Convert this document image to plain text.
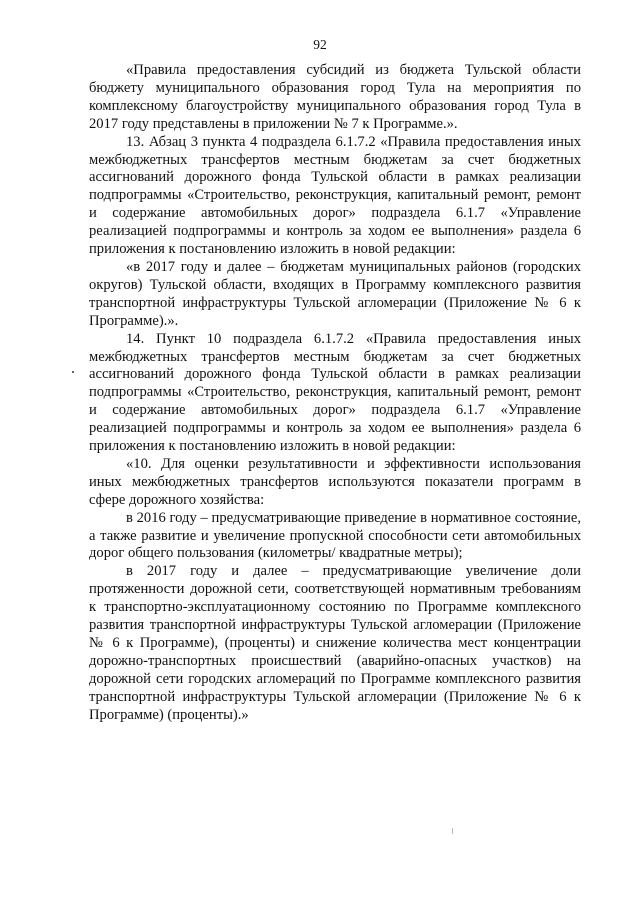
92

«Правила предоставления субсидий из бюджета Тульской области бюджету муниципального образования город Тула на мероприятия по комплексному благоустройству муниципального образования город Тула в 2017 году представлены в приложении № 7 к Программе.».

13. Абзац 3 пункта 4 подраздела 6.1.7.2 «Правила предоставления иных межбюджетных трансфертов местным бюджетам за счет бюджетных ассигнований дорожного фонда Тульской области в рамках реализации подпрограммы «Строительство, реконструкция, капитальный ремонт, ремонт и содержание автомобильных дорог» подраздела 6.1.7 «Управление реализацией подпрограммы и контроль за ходом ее выполнения» раздела 6 приложения к постановлению изложить в новой редакции:

«в 2017 году и далее – бюджетам муниципальных районов (городских округов) Тульской области, входящих в Программу комплексного развития транспортной инфраструктуры Тульской агломерации (Приложение № 6 к Программе).».

14. Пункт 10 подраздела 6.1.7.2 «Правила предоставления иных межбюджетных трансфертов местным бюджетам за счет бюджетных ассигнований дорожного фонда Тульской области в рамках реализации подпрограммы «Строительство, реконструкция, капитальный ремонт, ремонт и содержание автомобильных дорог» подраздела 6.1.7 «Управление реализацией подпрограммы и контроль за ходом ее выполнения» раздела 6 приложения к постановлению изложить в новой редакции:

«10. Для оценки результативности и эффективности использования иных межбюджетных трансфертов используются показатели программ в сфере дорожного хозяйства:

в 2016 году – предусматривающие приведение в нормативное состояние, а также развитие и увеличение пропускной способности сети автомобильных дорог общего пользования (километры/ квадратные метры);

в 2017 году и далее – предусматривающие увеличение доли протяженности дорожной сети, соответствующей нормативным требованиям к транспортно-эксплуатационному состоянию по Программе комплексного развития транспортной инфраструктуры Тульской агломерации (Приложение № 6 к Программе), (проценты) и снижение количества мест концентрации дорожно-транспортных происшествий (аварийно-опасных участков) на дорожной сети городских агломераций по Программе комплексного развития транспортной инфраструктуры Тульской агломерации (Приложение № 6 к Программе) (проценты).»
